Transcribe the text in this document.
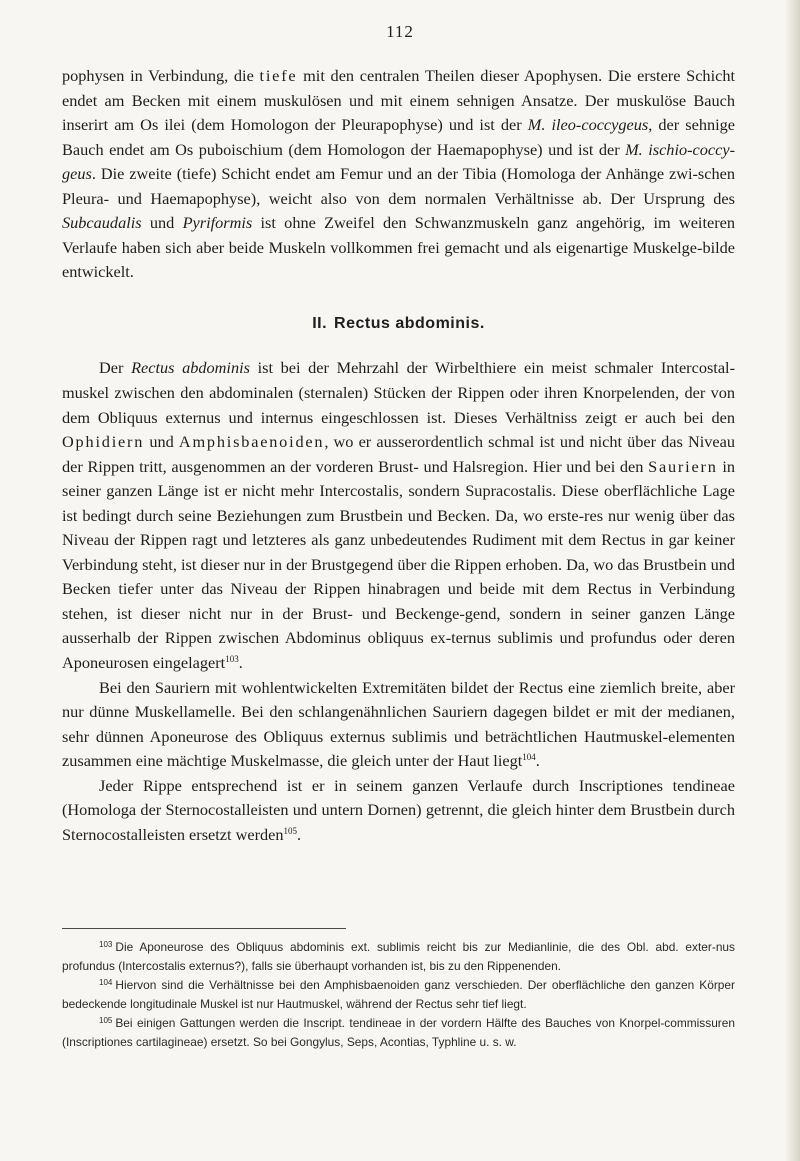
112

pophysen in Verbindung, die tiefe mit den centralen Theilen dieser Apophysen. Die erstere Schicht endet am Becken mit einem muskulösen und mit einem sehnigen Ansatze. Der muskulöse Bauch inserirt am Os ilei (dem Homologon der Pleurapophyse) und ist der M. ileo-coccygeus, der sehnige Bauch endet am Os puboischium (dem Homologon der Haemapophyse) und ist der M. ischio-coccy-geus. Die zweite (tiefe) Schicht endet am Femur und an der Tibia (Homologa der Anhänge zwi-schen Pleura- und Haemapophyse), weicht also von dem normalen Verhältnisse ab. Der Ursprung des Subcaudalis und Pyriformis ist ohne Zweifel den Schwanzmuskeln ganz angehörig, im weiteren Verlaufe haben sich aber beide Muskeln vollkommen frei gemacht und als eigenartige Muskelge-bilde entwickelt.

II. Rectus abdominis.

Der Rectus abdominis ist bei der Mehrzahl der Wirbelthiere ein meist schmaler Intercostal-muskel zwischen den abdominalen (sternalen) Stücken der Rippen oder ihren Knorpelenden, der von dem Obliquus externus und internus eingeschlossen ist. Dieses Verhältniss zeigt er auch bei den Ophidiern und Amphisbaenoiden, wo er ausserordentlich schmal ist und nicht über das Niveau der Rippen tritt, ausgenommen an der vorderen Brust- und Halsregion. Hier und bei den Sauriern in seiner ganzen Länge ist er nicht mehr Intercostalis, sondern Supracostalis. Diese oberflächliche Lage ist bedingt durch seine Beziehungen zum Brustbein und Becken. Da, wo erste-res nur wenig über das Niveau der Rippen ragt und letzteres als ganz unbedeutendes Rudiment mit dem Rectus in gar keiner Verbindung steht, ist dieser nur in der Brustgegend über die Rippen erhoben. Da, wo das Brustbein und Becken tiefer unter das Niveau der Rippen hinabragen und beide mit dem Rectus in Verbindung stehen, ist dieser nicht nur in der Brust- und Beckenge-gend, sondern in seiner ganzen Länge ausserhalb der Rippen zwischen Abdominus obliquus ex-ternus sublimis und profundus oder deren Aponeurosen eingelagert$^{103}$.

Bei den Sauriern mit wohlentwickelten Extremitäten bildet der Rectus eine ziemlich breite, aber nur dünne Muskellamelle. Bei den schlangenähnlichen Sauriern dagegen bildet er mit der medianen, sehr dünnen Aponeurose des Obliquus externus sublimis und beträchtlichen Hautmuskel-elementen zusammen eine mächtige Muskelmasse, die gleich unter der Haut liegt$^{104}$.

Jeder Rippe entsprechend ist er in seinem ganzen Verlaufe durch Inscriptiones tendineae (Homologa der Sternocostalleisten und untern Dornen) getrennt, die gleich hinter dem Brustbein durch Sternocostalleisten ersetzt werden$^{105}$.

$^{103}$ Die Aponeurose des Obliquus abdominis ext. sublimis reicht bis zur Medianlinie, die des Obl. abd. exter-nus profundus (Intercostalis externus?), falls sie überhaupt vorhanden ist, bis zu den Rippenenden.

$^{104}$ Hiervon sind die Verhältnisse bei den Amphisbaenoiden ganz verschieden. Der oberflächliche den ganzen Körper bedeckende longitudinale Muskel ist nur Hautmuskel, während der Rectus sehr tief liegt.

$^{105}$ Bei einigen Gattungen werden die Inscript. tendineae in der vordern Hälfte des Bauches von Knorpel-commissuren (Inscriptiones cartilagineae) ersetzt. So bei Gongylus, Seps, Acontias, Typhline u. s. w.
